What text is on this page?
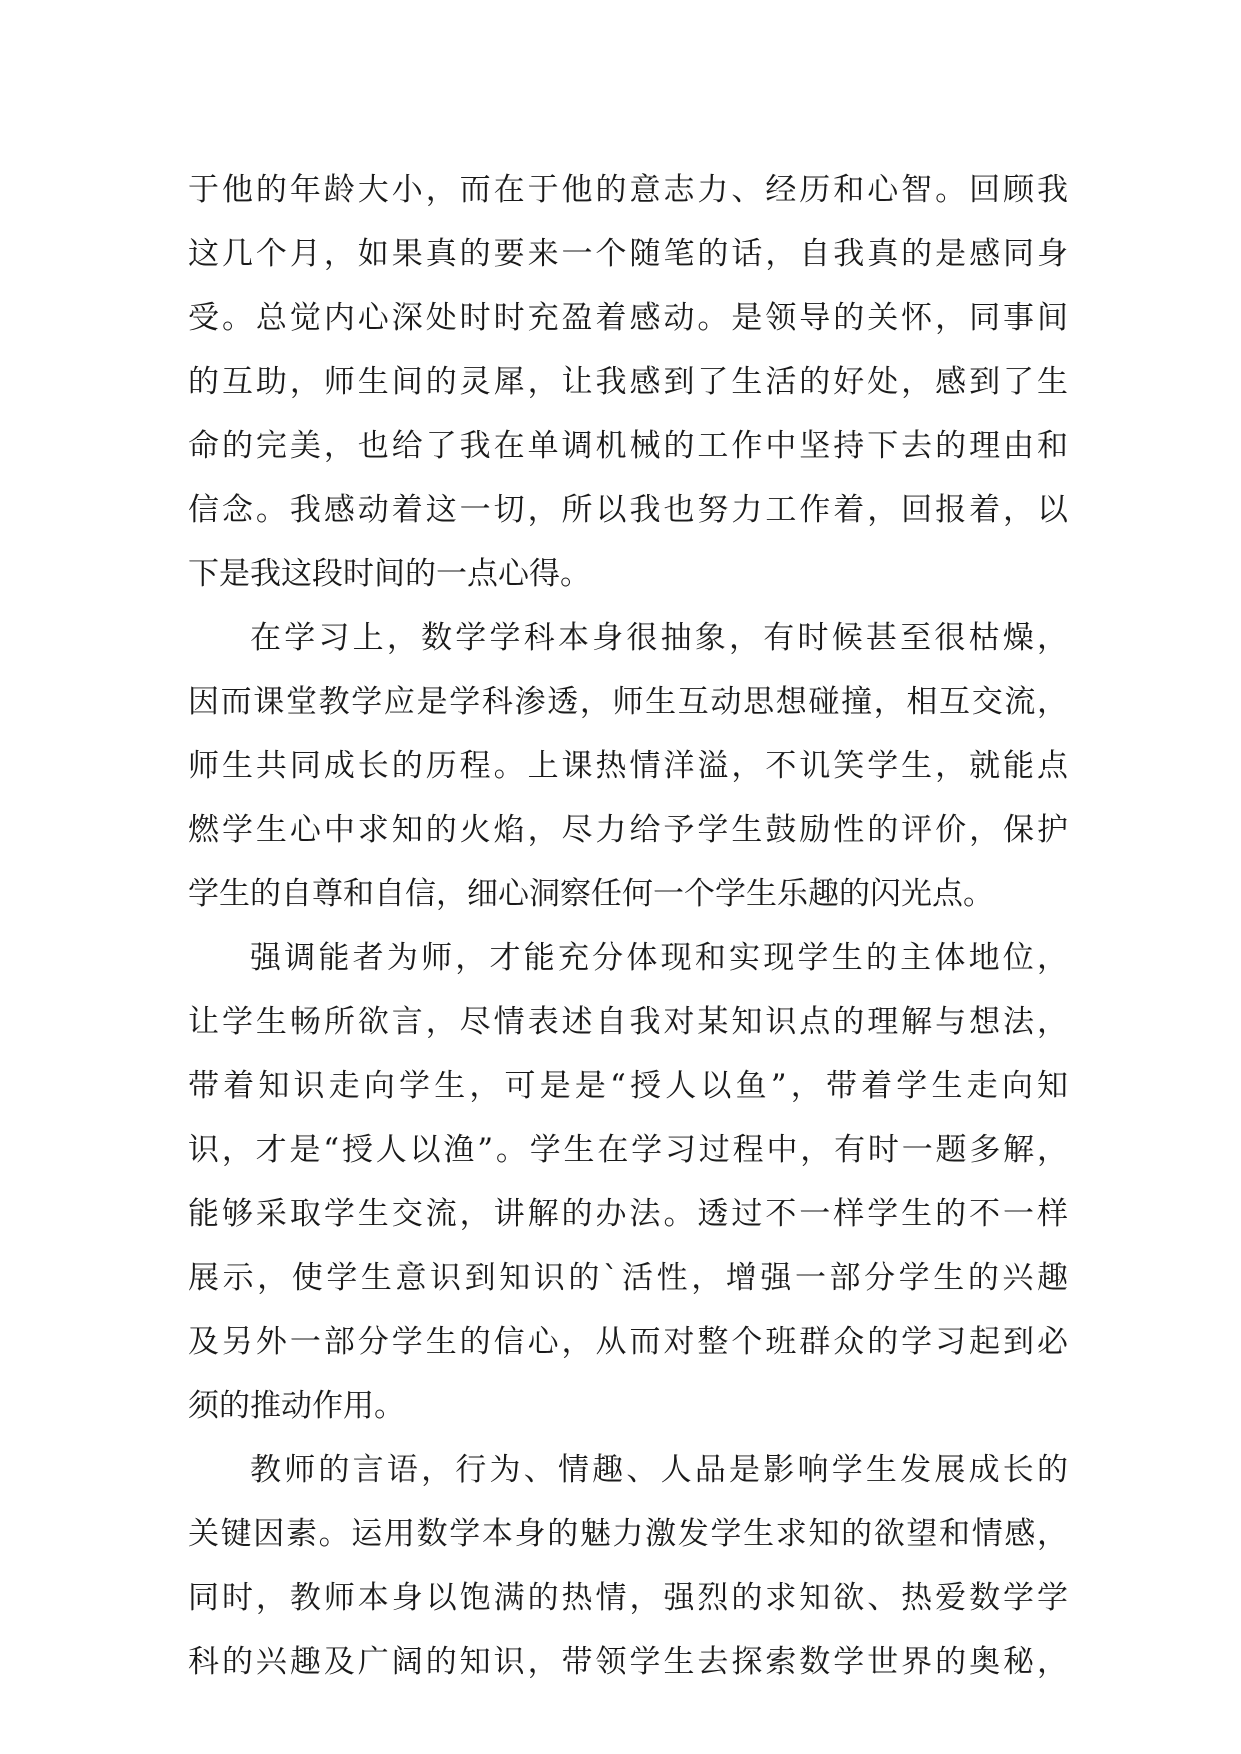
于他的年龄大小，而在于他的意志力、经历和心智。回顾我
这几个月，如果真的要来一个随笔的话，自我真的是感同身
受。总觉内心深处时时充盈着感动。是领导的关怀，同事间
的互助，师生间的灵犀，让我感到了生活的好处，感到了生
命的完美，也给了我在单调机械的工作中坚持下去的理由和
信念。我感动着这一切，所以我也努力工作着，回报着，以
下是我这段时间的一点心得。
在学习上，数学学科本身很抽象，有时候甚至很枯燥，
因而课堂教学应是学科渗透，师生互动思想碰撞，相互交流，
师生共同成长的历程。上课热情洋溢，不讥笑学生，就能点
燃学生心中求知的火焰，尽力给予学生鼓励性的评价，保护
学生的自尊和自信，细心洞察任何一个学生乐趣的闪光点。
强调能者为师，才能充分体现和实现学生的主体地位，
让学生畅所欲言，尽情表述自我对某知识点的理解与想法，
带着知识走向学生，可是是“授人以鱼”，带着学生走向知
识，才是“授人以渔”。学生在学习过程中，有时一题多解，
能够采取学生交流，讲解的办法。透过不一样学生的不一样
展示，使学生意识到知识的`活性，增强一部分学生的兴趣
及另外一部分学生的信心，从而对整个班群众的学习起到必
须的推动作用。
教师的言语，行为、情趣、人品是影响学生发展成长的
关键因素。运用数学本身的魅力激发学生求知的欲望和情感，
同时，教师本身以饱满的热情，强烈的求知欲、热爱数学学
科的兴趣及广阔的知识，带领学生去探索数学世界的奥秘，
